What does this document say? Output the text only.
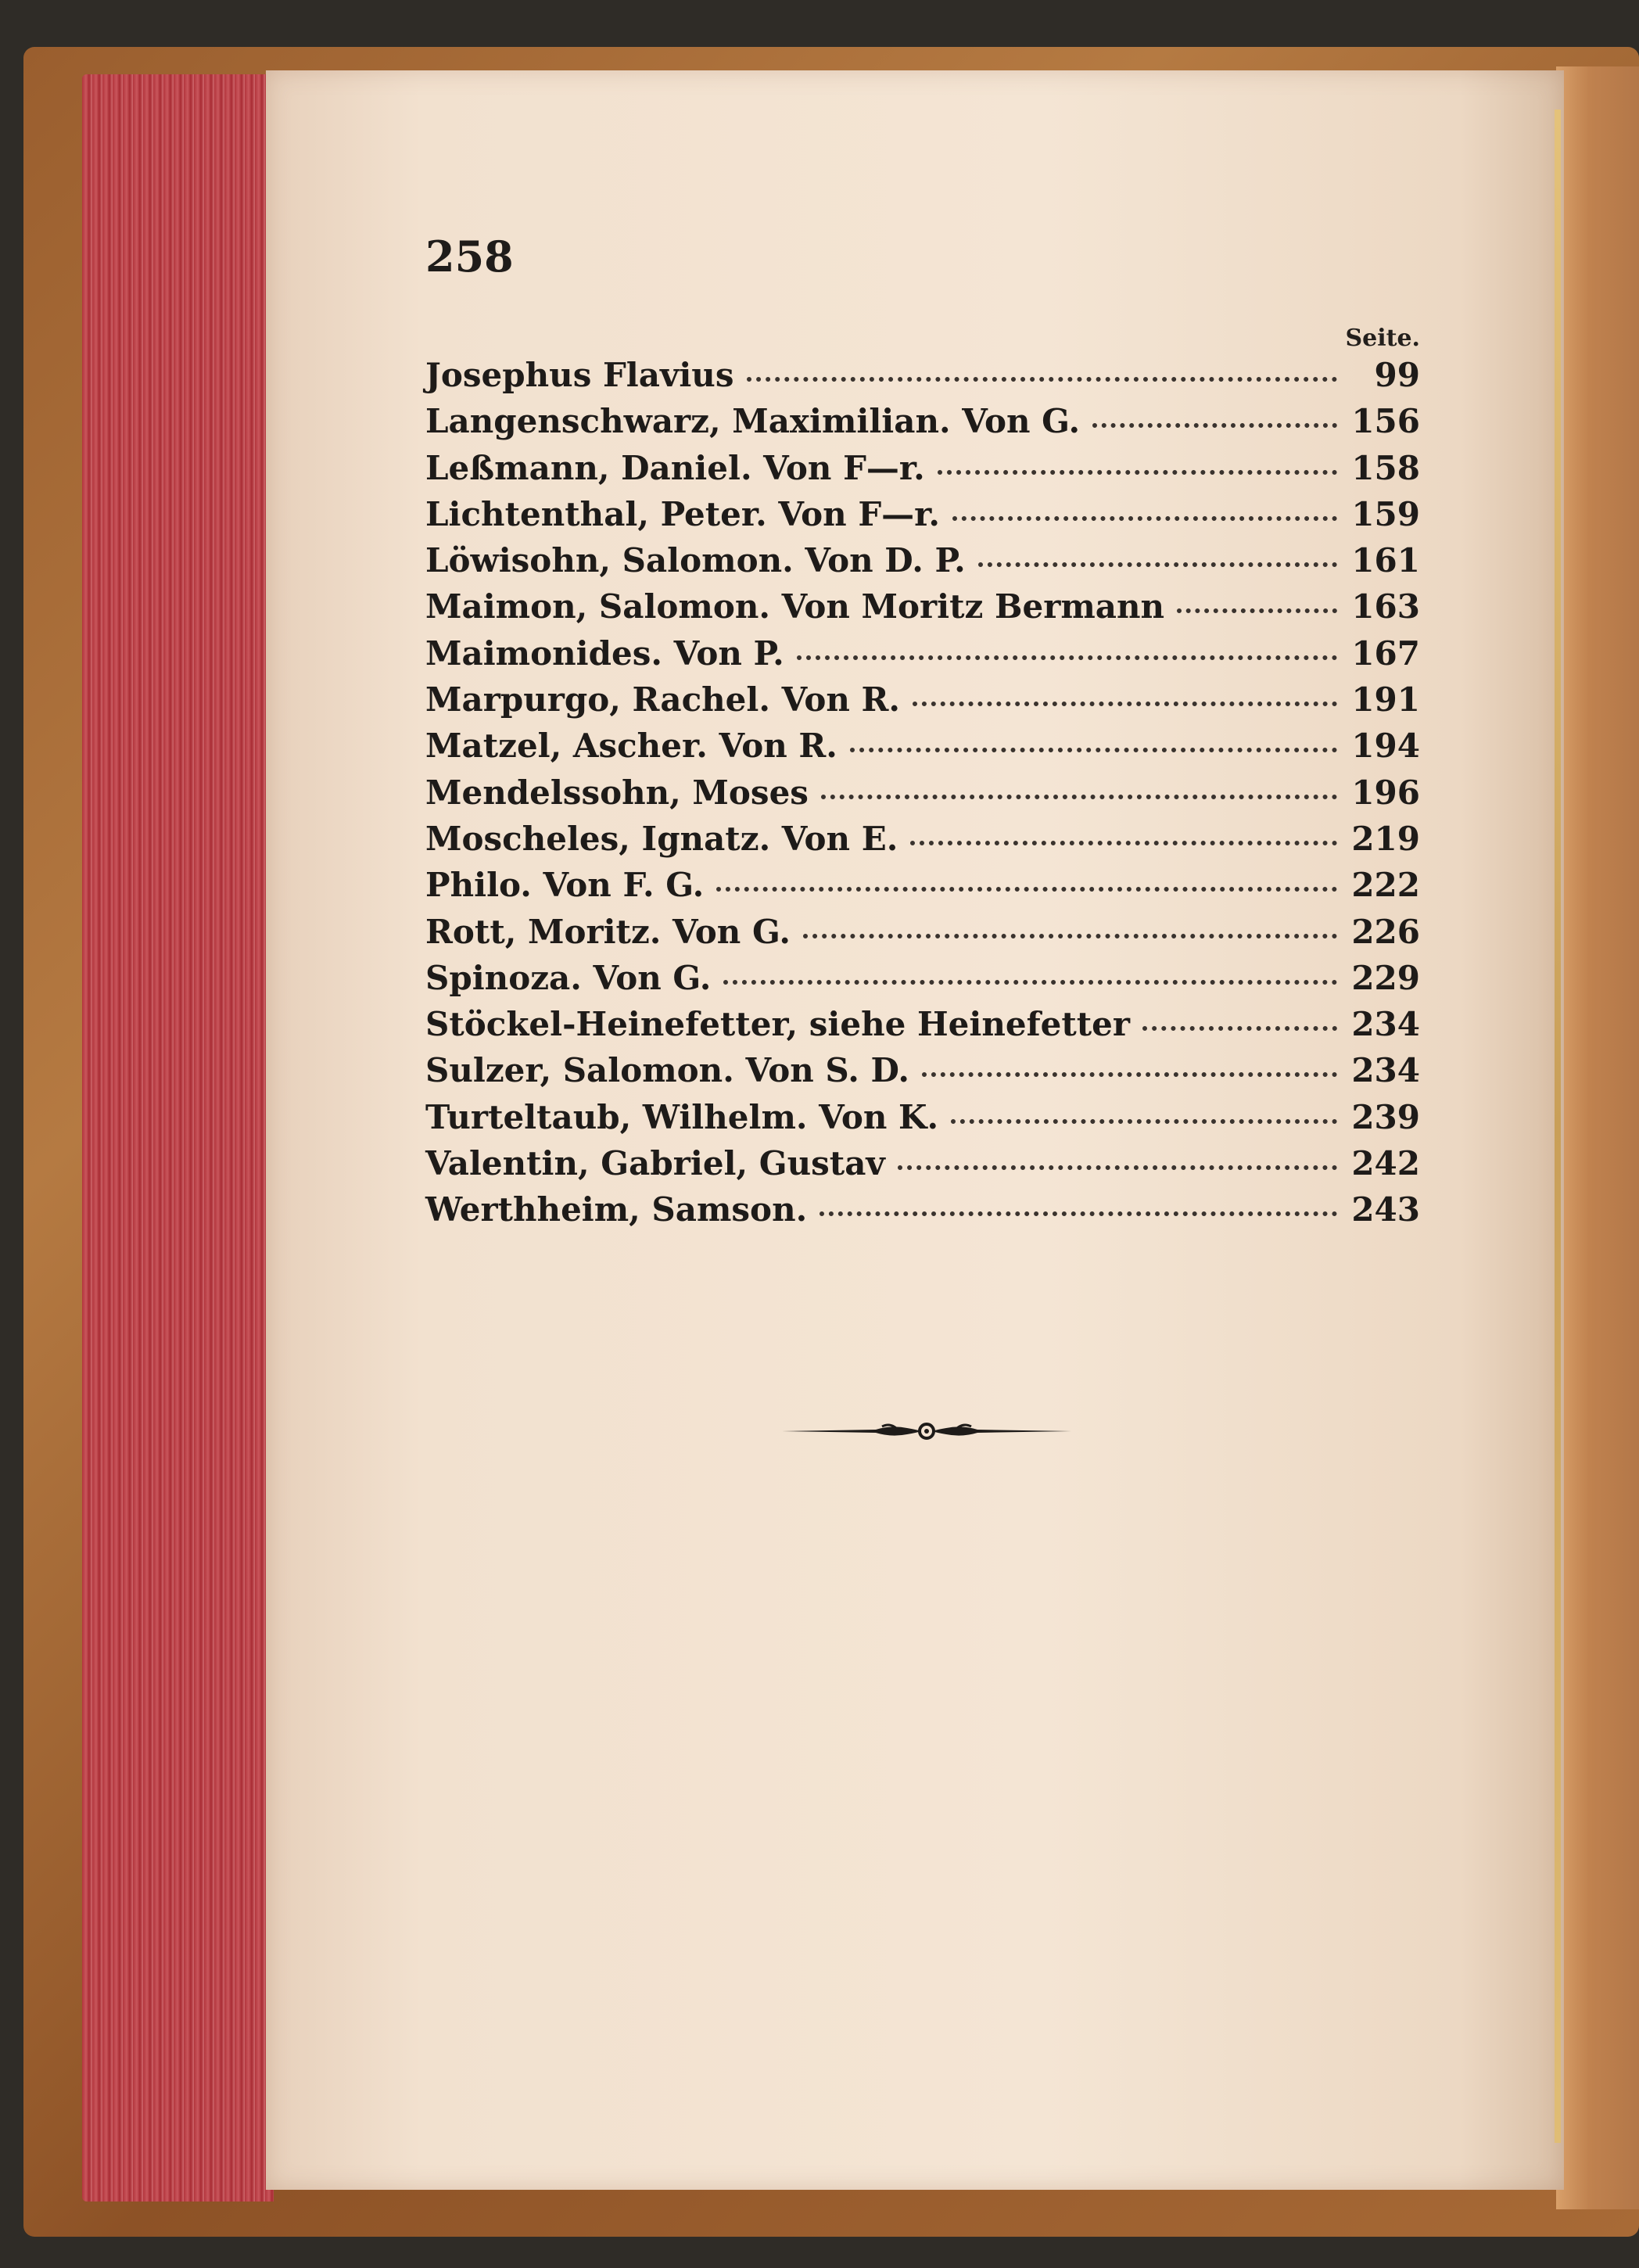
258

Seite.

Josephus Flavius	99
Langenschwarz, Maximilian. Von G.	156
Leßmann, Daniel. Von F—r.	158
Lichtenthal, Peter. Von F—r.	159
Löwisohn, Salomon. Von D. P.	161
Maimon, Salomon. Von Moritz Bermann	163
Maimonides. Von P.	167
Marpurgo, Rachel. Von R.	191
Matzel, Ascher. Von R.	194
Mendelssohn, Moses	196
Moscheles, Ignatz. Von E.	219
Philo. Von F. G.	222
Rott, Moritz. Von G.	226
Spinoza. Von G.	229
Stöckel-Heinefetter, siehe Heinefetter	234
Sulzer, Salomon. Von S. D.	234
Turteltaub, Wilhelm. Von K.	239
Valentin, Gabriel, Gustav	242
Werthheim, Samson.	243
